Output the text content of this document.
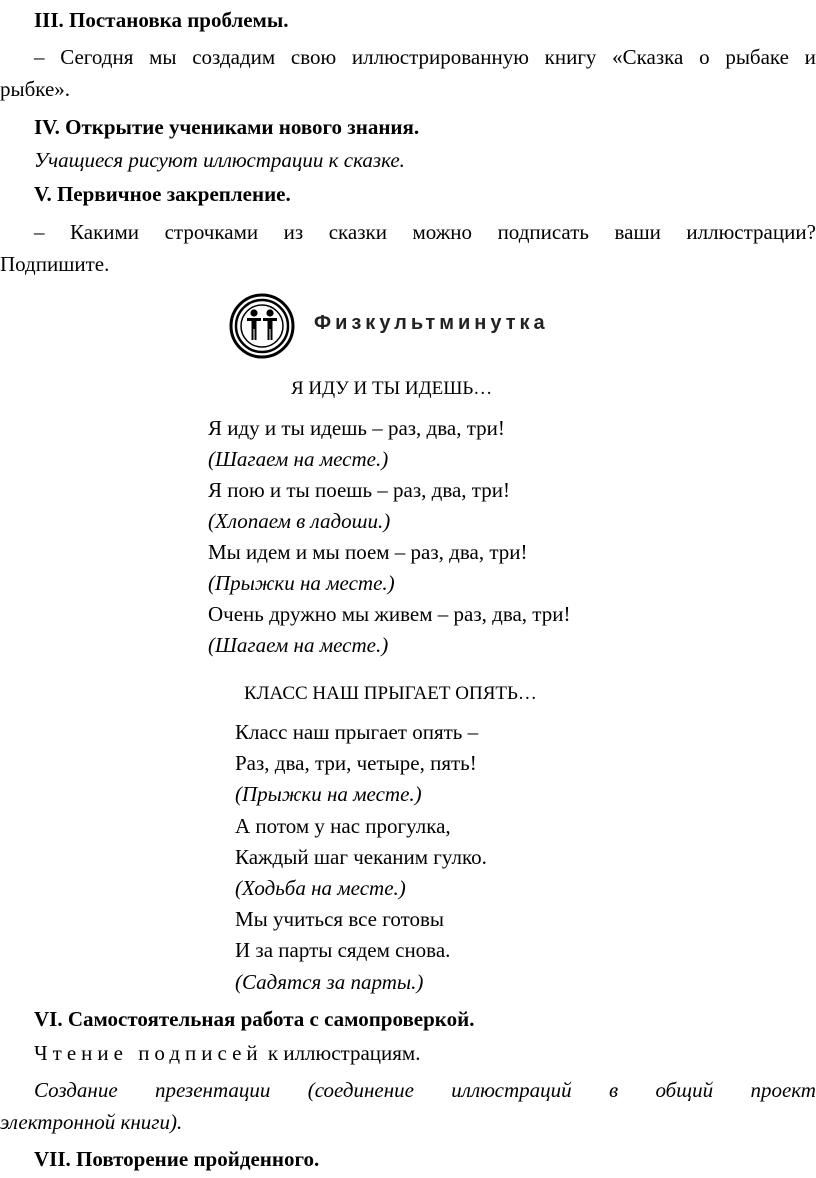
III. Постановка проблемы.
– Сегодня мы создадим свою иллюстрированную книгу «Сказка о рыбаке и
рыбке».
IV. Открытие учениками нового знания.
Учащиеся рисуют иллюстрации к сказке.
V. Первичное закрепление.
– Какими строчками из сказки можно подписать ваши иллюстрации?
Подпишите.
Физкультминутка
Я ИДУ И ТЫ ИДЕШЬ…
Я иду и ты идешь – раз, два, три!
(Шагаем на месте.)
Я пою и ты поешь – раз, два, три!
(Хлопаем в ладоши.)
Мы идем и мы поем – раз, два, три!
(Прыжки на месте.)
Очень дружно мы живем – раз, два, три!
(Шагаем на месте.)
КЛАСС НАШ ПРЫГАЕТ ОПЯТЬ…
Класс наш прыгает опять –
Раз, два, три, четыре, пять!
(Прыжки на месте.)
А потом у нас прогулка,
Каждый шаг чеканим гулко.
(Ходьба на месте.)
Мы учиться все готовы
И за парты сядем снова.
(Садятся за парты.)
VI. Самостоятельная работа с самопроверкой.
Чтение подписей к иллюстрациям.
Создание презентации (соединение иллюстраций в общий проект
электронной книги).
VII. Повторение пройденного.
